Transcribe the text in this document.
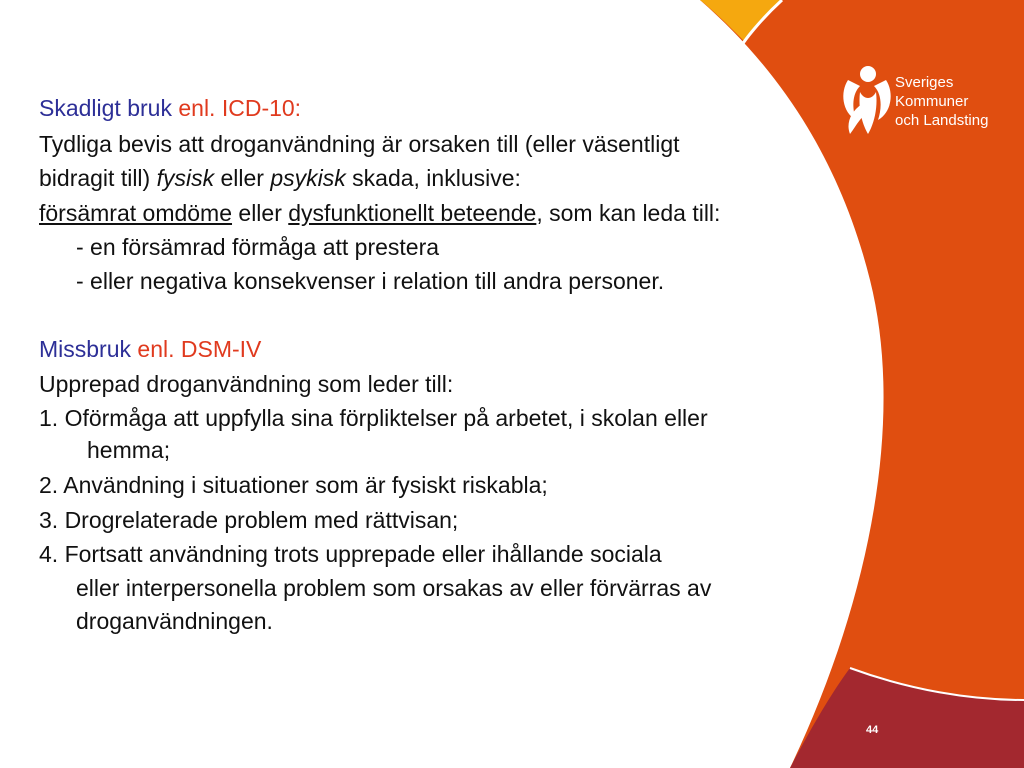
Sveriges
Kommuner
och Landsting
Skadligt bruk enl. ICD-10:
Tydliga bevis att droganvändning är orsaken till (eller väsentligt
bidragit till) fysisk eller psykisk skada, inklusive:
försämrat omdöme eller dysfunktionellt beteende, som kan leda till:
- en försämrad förmåga att prestera
- eller negativa konsekvenser i relation till andra personer.
Missbruk enl. DSM-IV
Upprepad droganvändning som leder till:
1. Oförmåga att uppfylla sina förpliktelser på arbetet, i skolan eller
hemma;
2. Användning i situationer som är fysiskt riskabla;
3. Drogrelaterade problem med rättvisan;
4. Fortsatt användning trots upprepade eller ihållande sociala
eller interpersonella problem som orsakas av eller förvärras av
droganvändningen.
44
